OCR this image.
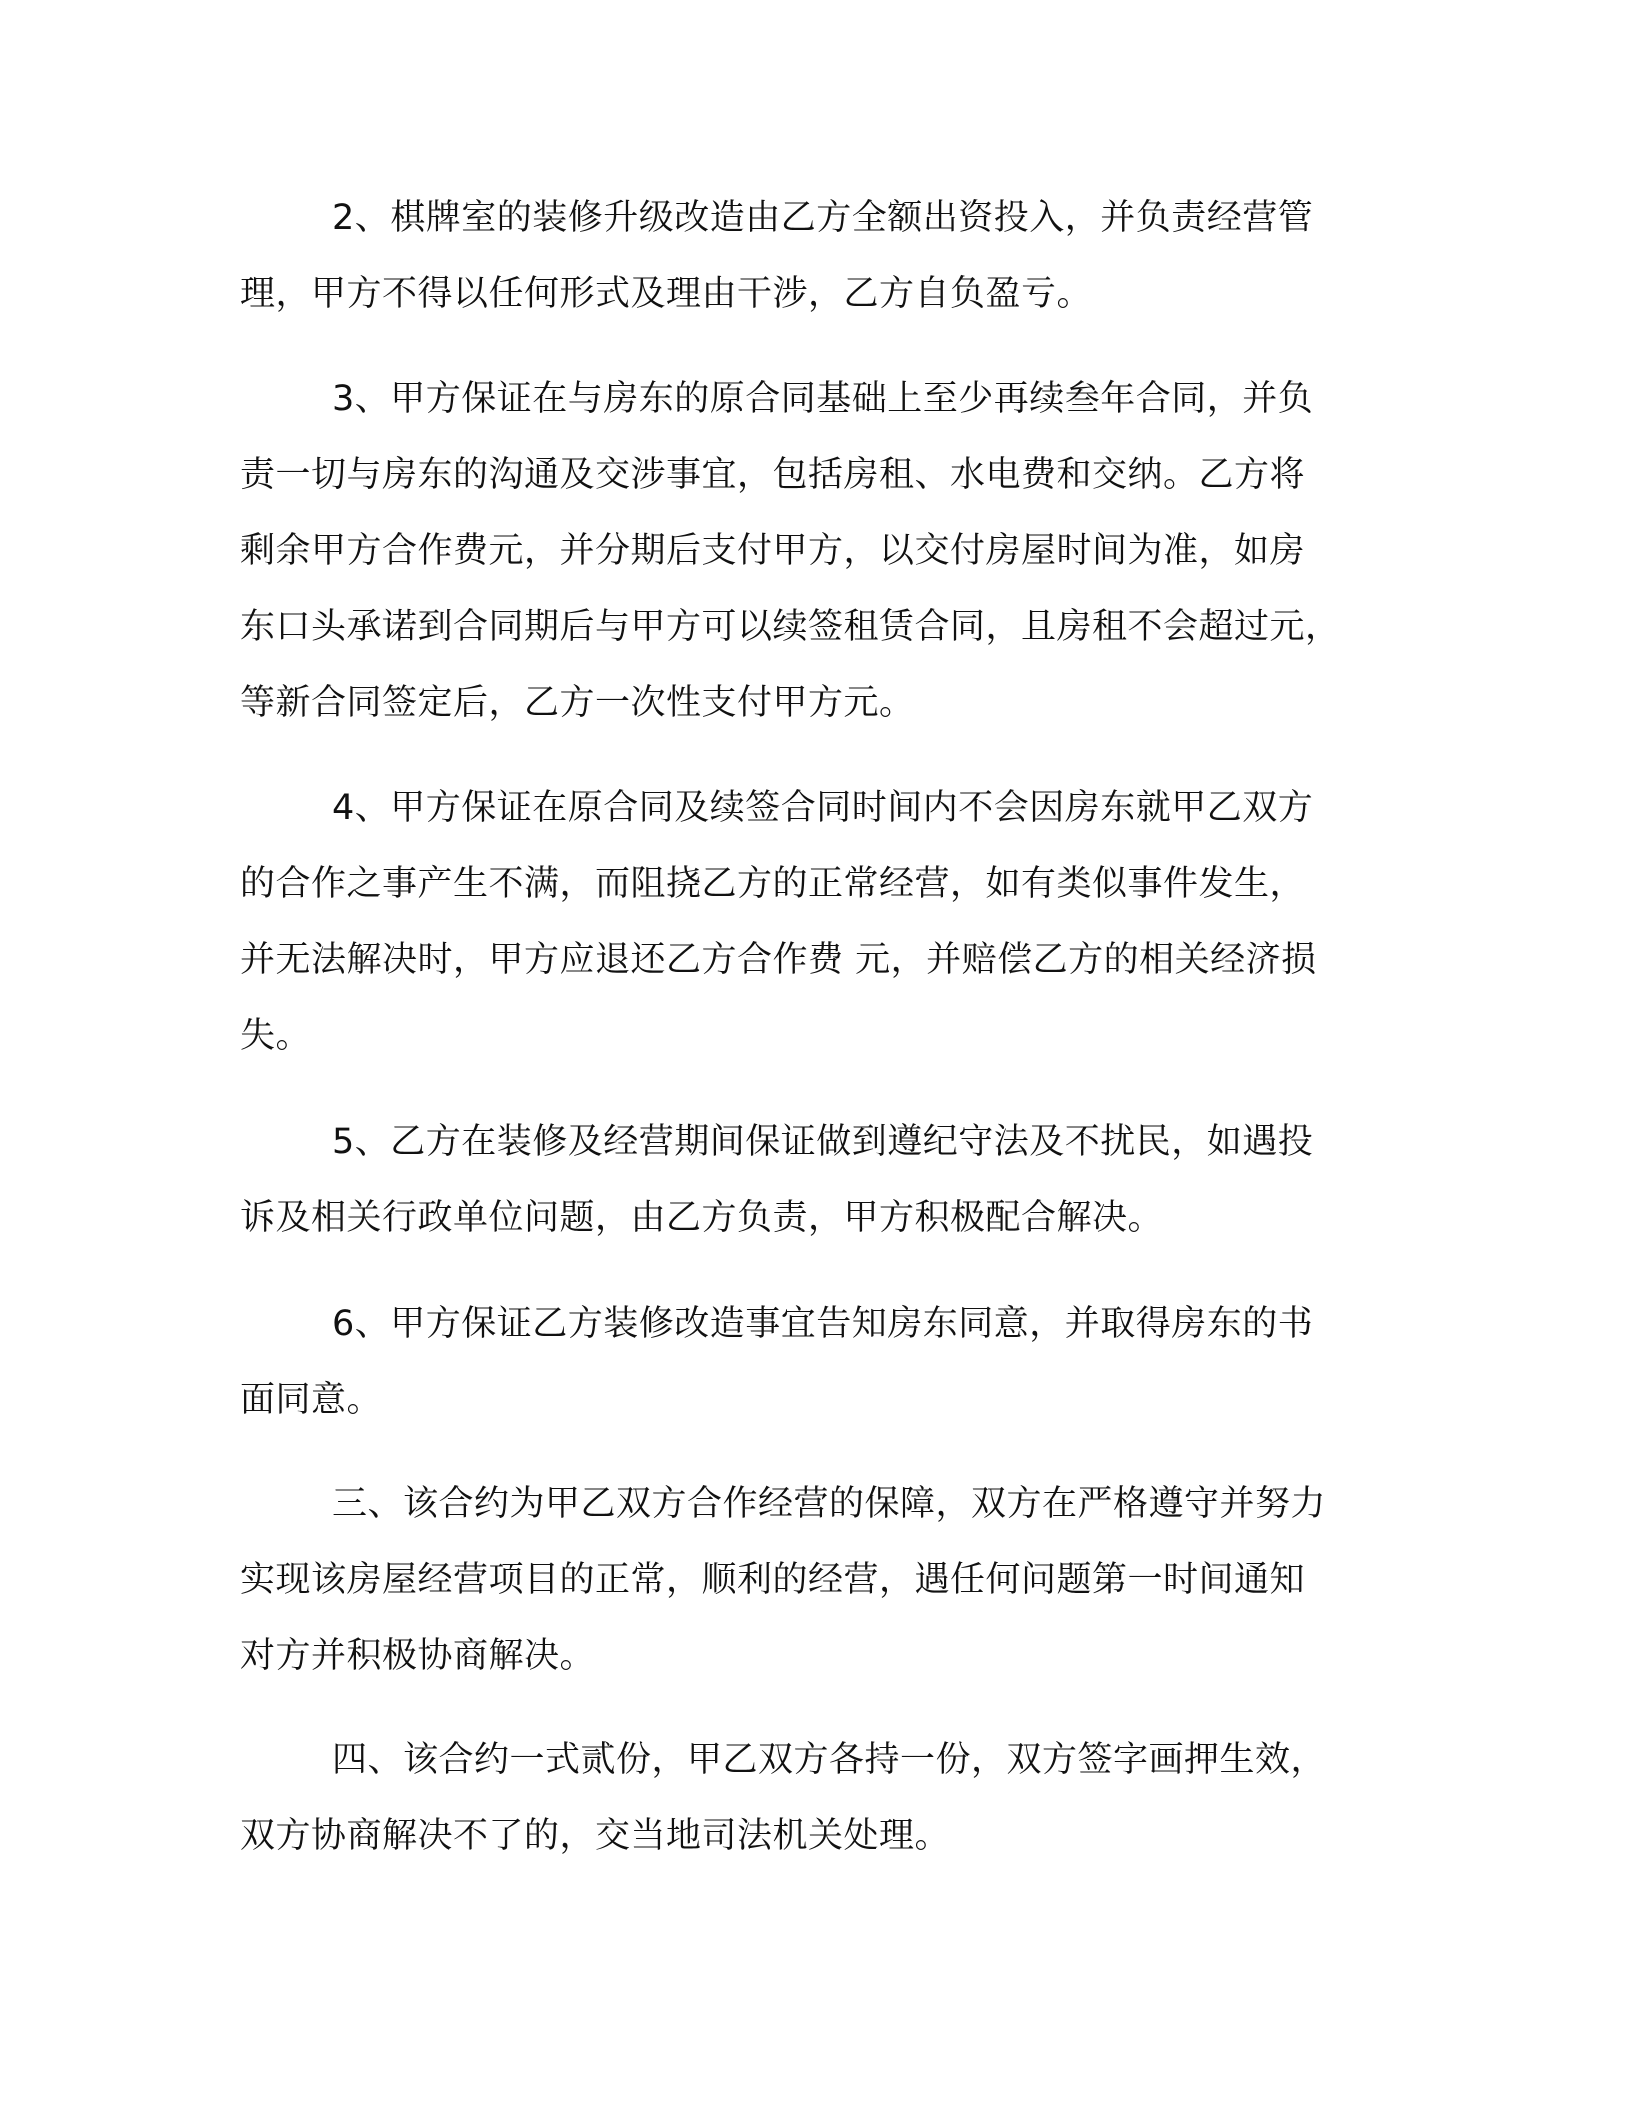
2、棋牌室的装修升级改造由乙方全额出资投入，并负责经营管
理，甲方不得以任何形式及理由干涉，乙方自负盈亏。

3、甲方保证在与房东的原合同基础上至少再续叁年合同，并负
责一切与房东的沟通及交涉事宜，包括房租、水电费和交纳。乙方将
剩余甲方合作费元，并分期后支付甲方，以交付房屋时间为准，如房
东口头承诺到合同期后与甲方可以续签租赁合同，且房租不会超过元，
等新合同签定后，乙方一次性支付甲方元。

4、甲方保证在原合同及续签合同时间内不会因房东就甲乙双方
的合作之事产生不满，而阻挠乙方的正常经营，如有类似事件发生，
并无法解决时，甲方应退还乙方合作费 元，并赔偿乙方的相关经济损
失。

5、乙方在装修及经营期间保证做到遵纪守法及不扰民，如遇投
诉及相关行政单位问题，由乙方负责，甲方积极配合解决。

6、甲方保证乙方装修改造事宜告知房东同意，并取得房东的书
面同意。

三、该合约为甲乙双方合作经营的保障，双方在严格遵守并努力
实现该房屋经营项目的正常，顺利的经营，遇任何问题第一时间通知
对方并积极协商解决。

四、该合约一式贰份，甲乙双方各持一份，双方签字画押生效，
双方协商解决不了的，交当地司法机关处理。
